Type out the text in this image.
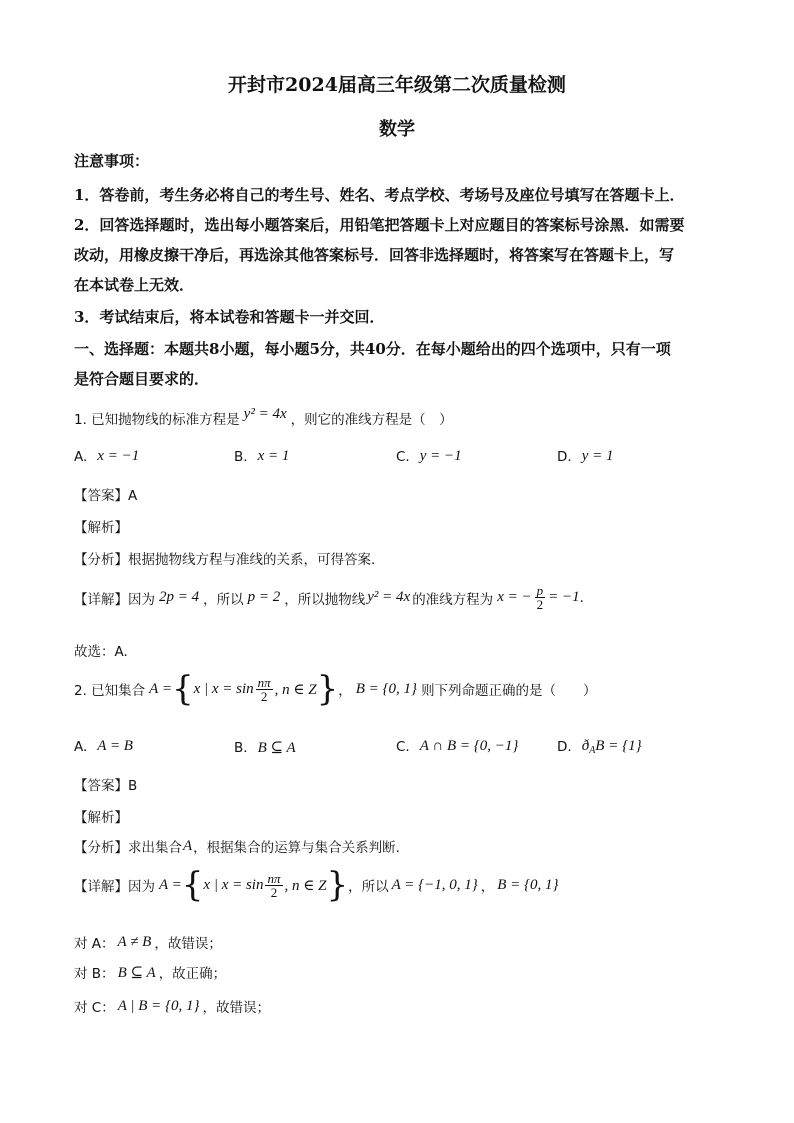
开封市2024届高三年级第二次质量检测
数学
注意事项：
1．答卷前，考生务必将自己的考生号、姓名、考点学校、考场号及座位号填写在答题卡上．
2．回答选择题时，选出每小题答案后，用铅笔把答题卡上对应题目的答案标号涂黑．如需要
改动，用橡皮擦干净后，再选涂其他答案标号．回答非选择题时，将答案写在答题卡上，写
在本试卷上无效．
3．考试结束后，将本试卷和答题卡一并交回．
一、选择题：本题共8小题，每小题5分，共40分．在每小题给出的四个选项中，只有一项
是符合题目要求的．
1. 已知抛物线的标准方程是 y² = 4x ，则它的准线方程是（　）
A. x = −1	B. x = 1	C. y = −1	D. y = 1
【答案】A
【解析】
【分析】根据抛物线方程与准线的关系，可得答案.
【详解】 因为 2p = 4 ，所以 p = 2 ，所以抛物线 y² = 4x 的准线方程为 x = − $\frac{p}{2} = -1$ .
故选：A.
2. 已知集合 A = { x | $x = \sin \frac{n\pi}{2}$ , n ∈ Z } ， B = {0, 1} 则下列命题正确的是（　　）
A. A = B	B. B ⊆ A	C. A ∩ B = {0, −1}	D. ð A B = {1}
【答案】B
【解析】
【分析】 求出集合 A ，根据集合的运算与集合关系判断.
【详解】 因为 A = { x | $x = \sin \frac{n\pi}{2}$ , n ∈ Z } ，所以 A = {−1, 0, 1} ， B = {0, 1}
对 A： A ≠ B ，故错误；
对 B： B ⊆ A ，故正确；
对 C： A | B = {0, 1} ，故错误；
